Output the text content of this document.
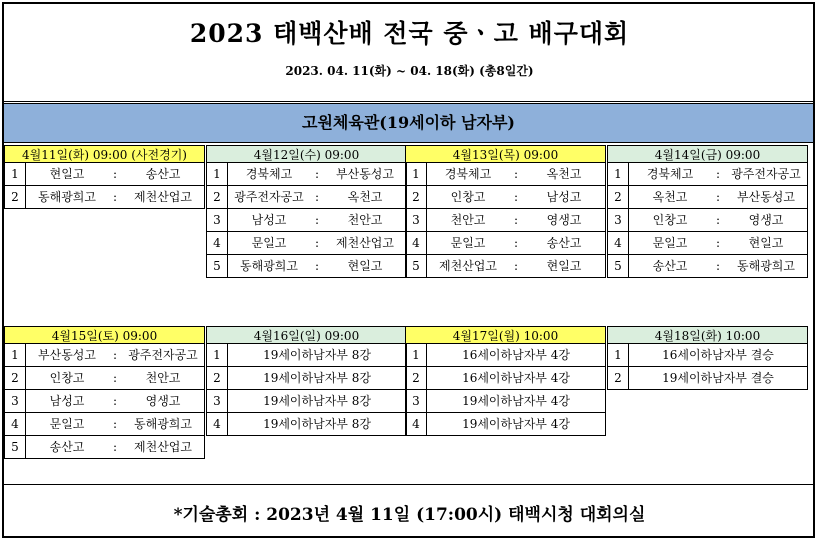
2023 태백산배 전국 중ㆍ고 배구대회
2023. 04. 11(화) ~ 04. 18(화) (총8일간)
고원체육관(19세이하 남자부)
4월11일(화) 09:00 (사전경기)
1	현일고	:	송산고
2	동해광희고	:	제천산업고
4월12일(수) 09:00
1	경북체고	:	부산동성고
2	광주전자공고 :	옥천고
3	남성고	:	천안고
4	문일고	:	제천산업고
5	동해광희고	:	현일고
4월13일(목) 09:00
1	경북체고	:	옥천고
2	인창고	:	남성고
3	천안고	:	영생고
4	문일고	:	송산고
5	제천산업고	:	현일고
4월14일(금) 09:00
1	경북체고	: 광주전자공고
2	옥천고	:	부산동성고
3	인창고	:	영생고
4	문일고	:	현일고
5	송산고	:	동해광희고
4월15일(토) 09:00
1	부산동성고	: 광주전자공고
2	인창고	:	천안고
3	남성고	:	영생고
4	문일고	:	동해광희고
5	송산고	:	제천산업고
4월16일(일) 09:00
1	19세이하남자부 8강
2	19세이하남자부 8강
3	19세이하남자부 8강
4	19세이하남자부 8강
4월17일(월) 10:00
1	16세이하남자부 4강
2	16세이하남자부 4강
3	19세이하남자부 4강
4	19세이하남자부 4강
4월18일(화) 10:00
1	16세이하남자부 결승
2	19세이하남자부 결승
*기술총회 : 2023년 4월 11일 (17:00시) 태백시청 대회의실
